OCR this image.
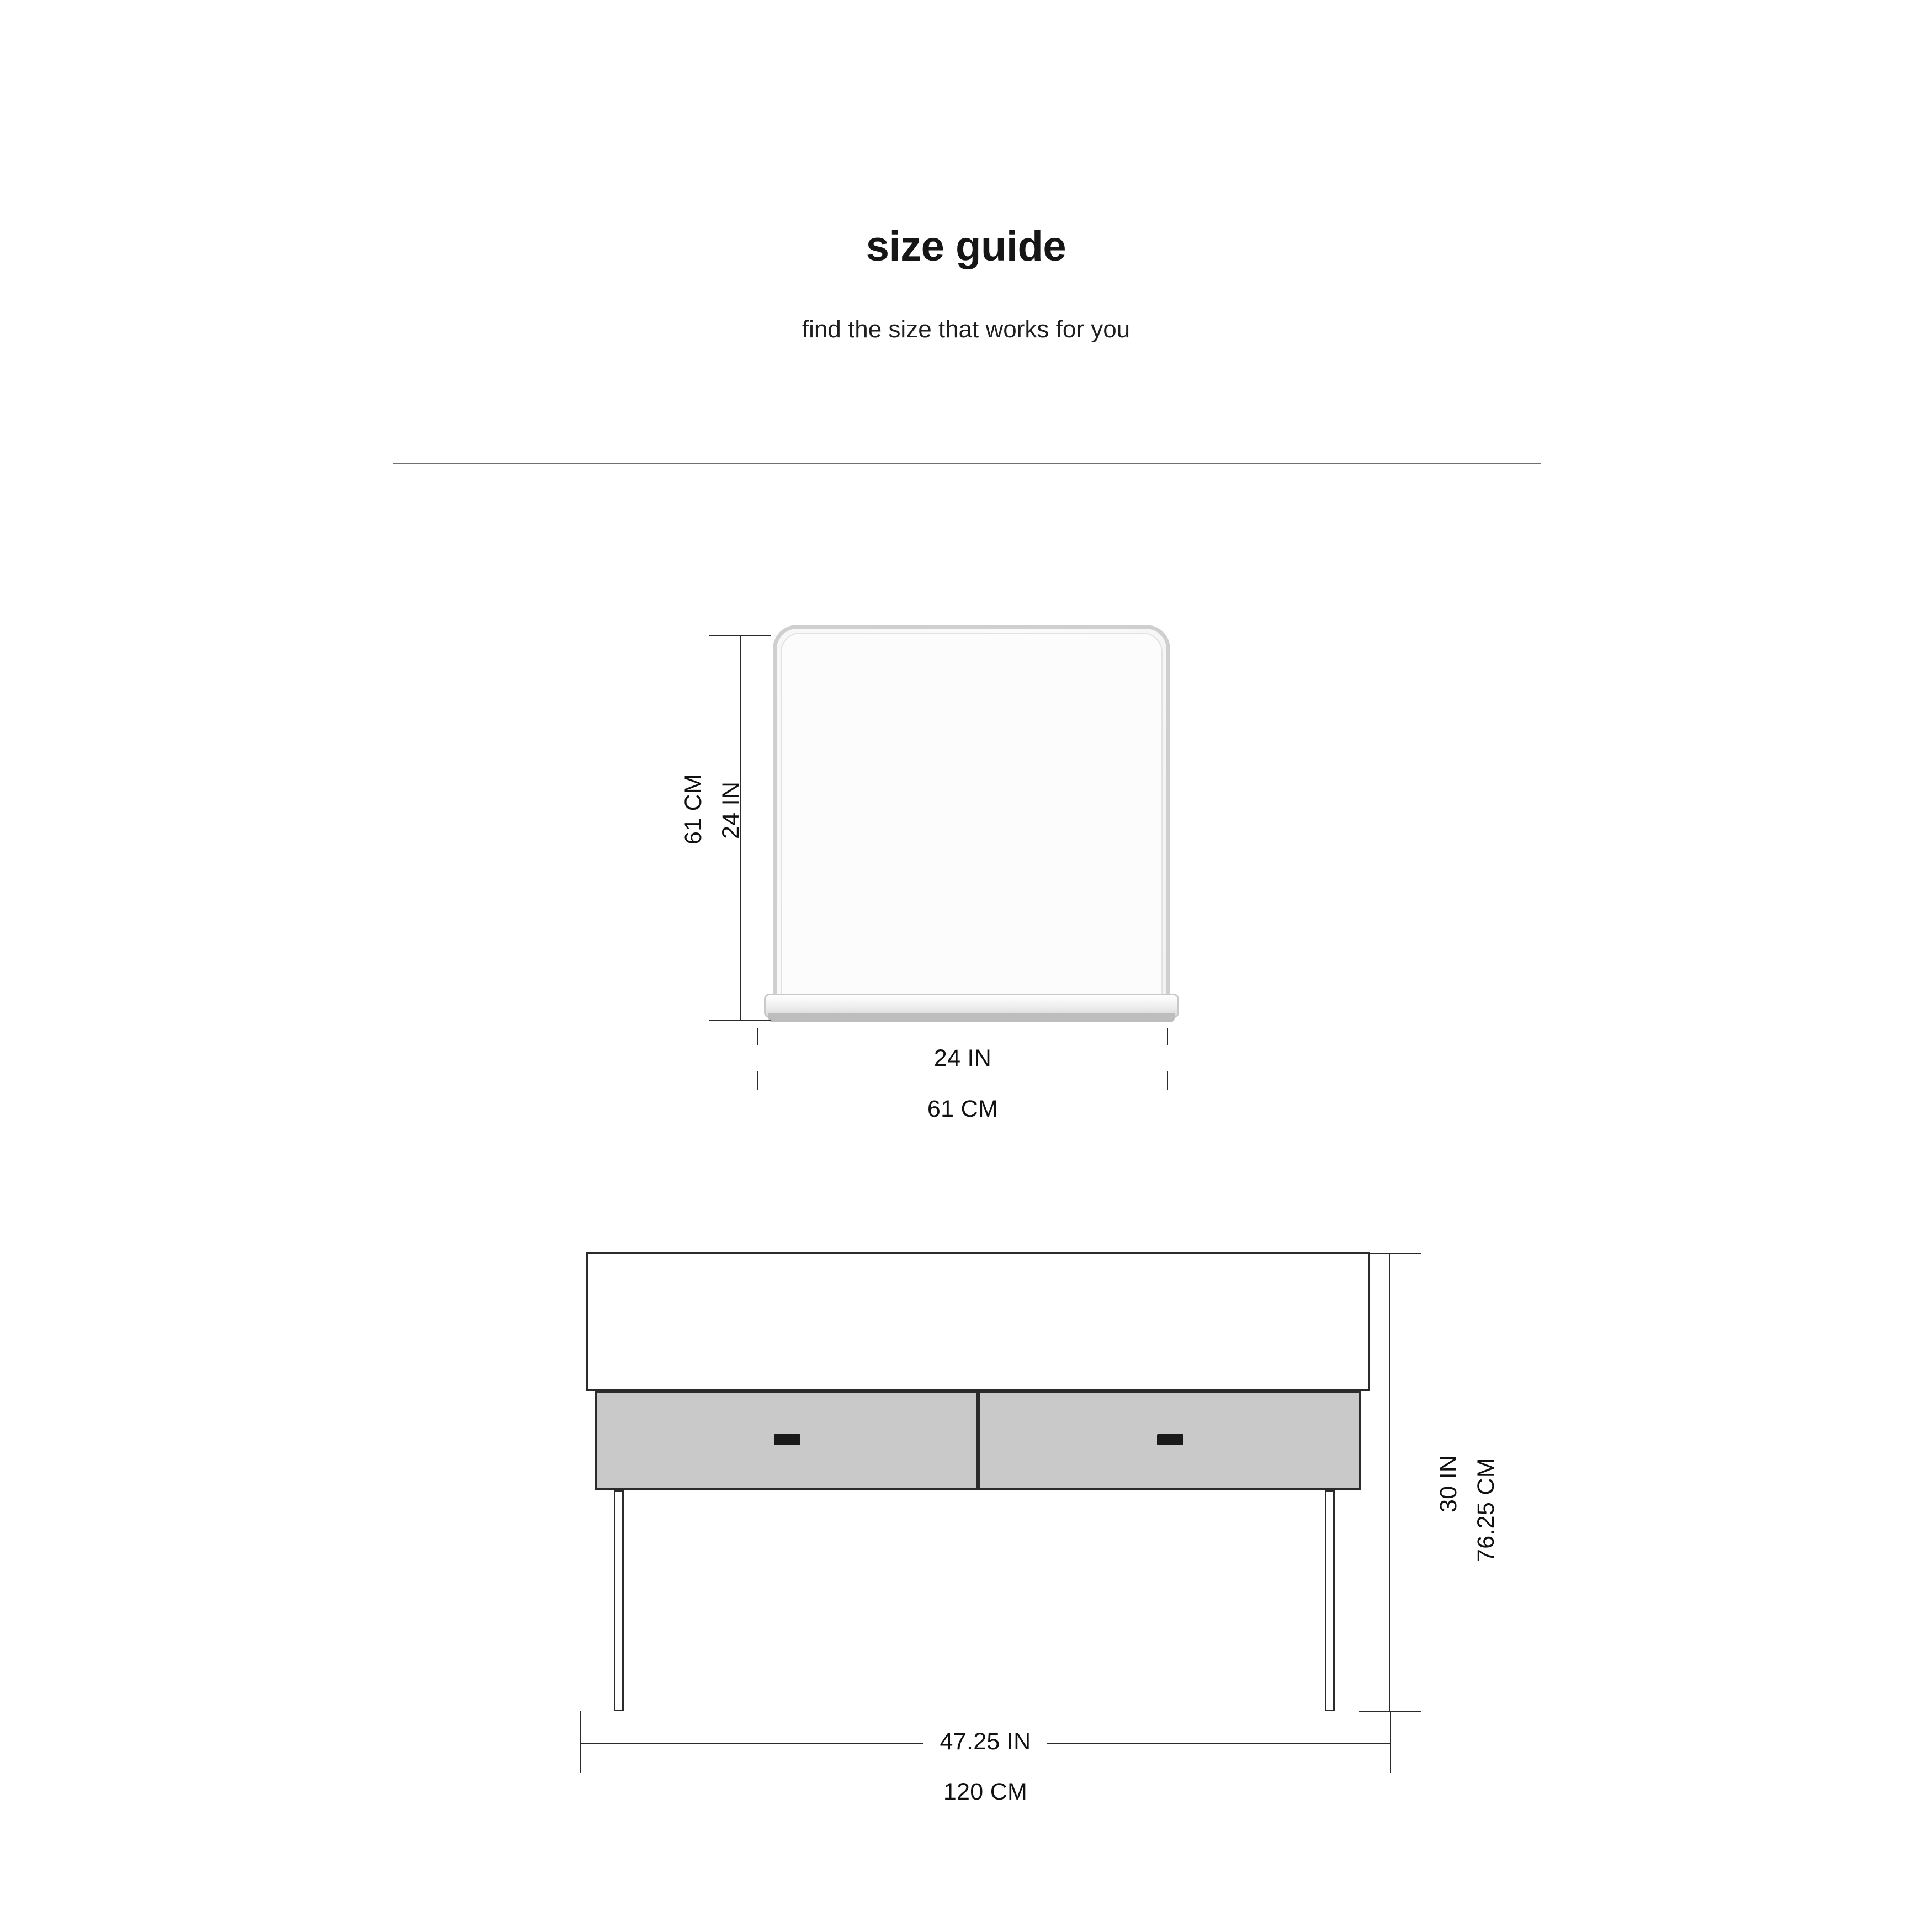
size guide
find the size that works for you
24 IN
61 CM
24 IN
61 CM
30 IN 76.25 CM
47.25 IN
120 CM
